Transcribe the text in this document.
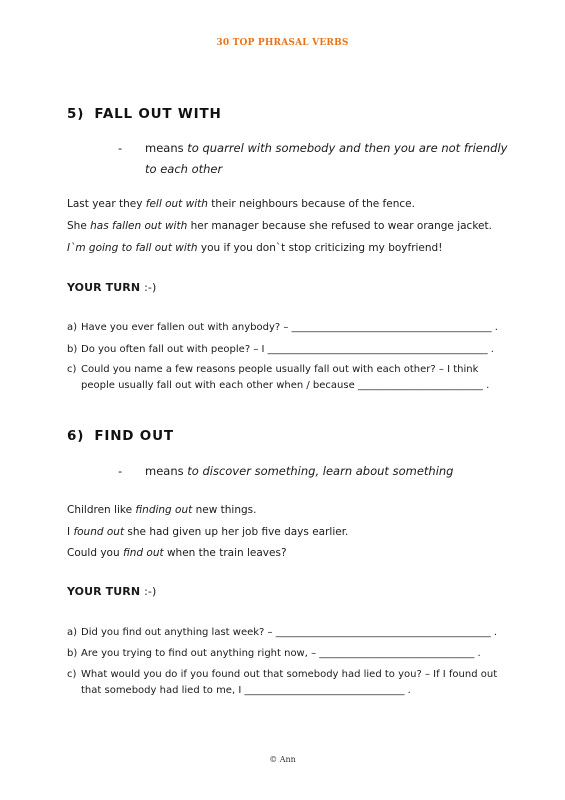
30 TOP PHRASAL VERBS
5) FALL OUT WITH
- means to quarrel with somebody and then you are not friendly to each other
Last year they fell out with their neighbours because of the fence.
She has fallen out with her manager because she refused to wear orange jacket.
I`m going to fall out with you if you don`t stop criticizing my boyfriend!
YOUR TURN :-)
a) Have you ever fallen out with anybody? – ________________________________________ .
b) Do you often fall out with people? – I ____________________________________________ .
c) Could you name a few reasons people usually fall out with each other? – I think people usually fall out with each other when / because _________________________ .
6) FIND OUT
- means to discover something, learn about something
Children like finding out new things.
I found out she had given up her job five days earlier.
Could you find out when the train leaves?
YOUR TURN :-)
a) Did you find out anything last week? – ___________________________________________ .
b) Are you trying to find out anything right now, – _______________________________ .
c) What would you do if you found out that somebody had lied to you? – If I found out that somebody had lied to me, I ________________________________ .
© Ann
